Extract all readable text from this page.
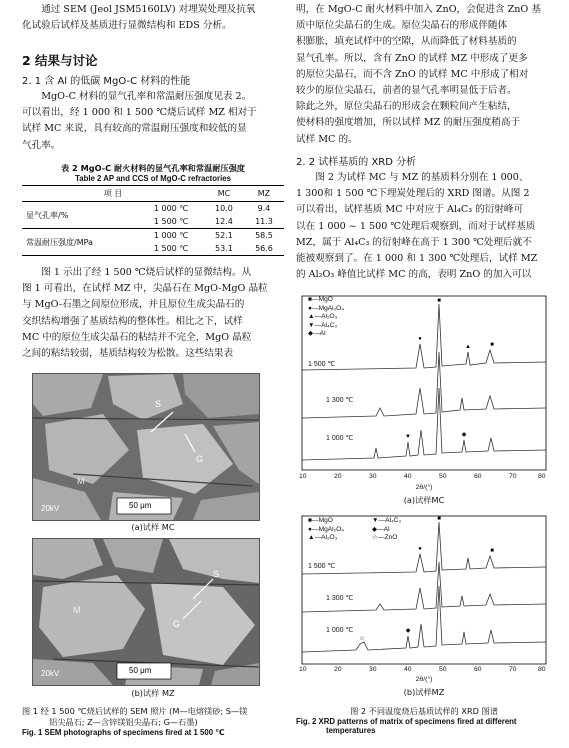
通过 SEM (Jeol JSM5160LV) 对埋炭处理及抗氧

化试验后试样及基质进行显微结构和 EDS 分析。

2 结果与讨论
2. 1 含 Al 的低碳 MgO-C 材料的性能

MgO-C 材料的显气孔率和常温耐压强度见表 2。

可以看出，经 1 000 和 1 500 ℃烧后试样 MZ 相对于

试样 MC 来说，具有较高的常温耐压强度和较低的显

气孔率。

表 2 MgO-C 耐火材料的显气孔率和常温耐压强度
Table 2 AP and CCS of MgO-C refractories
项 目		MC	MZ
显气孔率/%	1 000 ℃	10.0	9.4
	1 500 ℃	12.4	11.3
常温耐压强度/MPa	1 000 ℃	52.1	58.5
	1 500 ℃	53.1	56.6

图 1 示出了经 1 500 ℃烧后试样的显微结构。从

图 1 可看出，在试样 MZ 中，尖晶石在 MgO-MgO 晶粒

与 MgO-石墨之间原位形成，并且原位生成尖晶石的

交织结构增强了基质结构的整体性。相比之下，试样

MC 中的原位生成尖晶石的粘结并不完全，MgO 晶粒

之间的粘结较弱，基质结构较为松散。这些结果表

M
S
G
20kV	50 μm
(a)试样 MC
M
S
G
20kV	50 μm
(b)试样 MZ
图 1 经 1 500 ℃烧后试样的 SEM 照片 (M—电熔镁砂; S—镁
铝尖晶石; Z—含锌镁铝尖晶石; G—石墨)
Fig. 1 SEM photographs of specimens fired at 1 500 ℃

明，在 MgO-C 耐火材料中加入 ZnO，会促进含 ZnO 基

质中原位尖晶石的生成。原位尖晶石的形成伴随体

积膨胀，填充试样中的空隙，从而降低了材料基质的

显气孔率。所以，含有 ZnO 的试样 MZ 中形成了更多

的原位尖晶石，而不含 ZnO 的试样 MC 中形成了相对

较少的原位尖晶石，前者的显气孔率明显低于后者。

除此之外，原位尖晶石的形成会在颗粒间产生粘结，

使材料的强度增加，所以试样 MZ 的耐压强度稍高于

试样 MC 的。

2. 2 试样基质的 XRD 分析

图 2 为试样 MC 与 MZ 的基质料分别在 1 000、

1 300和 1 500 ℃下埋炭处理后的 XRD 图谱。从图 2

可以看出，试样基质 MC 中对应于 Al₄C₃ 的衍射峰可

以在 1 000 ~ 1 500 ℃处理后观察到，而对于试样基质

MZ，属于 Al₄C₃ 的衍射峰在高于 1 300 ℃处理后就不

能被观察到了。在 1 000 和 1 300 ℃处理后，试样 MZ

的 Al₂O₃ 峰值比试样 MC 的高，表明 ZnO 的加入可以

■
▲	■
●
▼	◆
■—MgO
●—MgAl₂O₄
▲—Al₂O₃
▼—Al₄C₃
◆—Al
1 500 ℃
1 300 ℃
1 000 ℃
10	20	30	40	50	60	70	80
2θ/(°)
(a)试样MC
■
●	■
☆
◆
■—MgO
●—MgAl₂O₄
▲—Al₂O₃
▼—Al₄C₃
◆—Al
☆—ZnO
1 500 ℃
1 300 ℃
1 000 ℃
10	20	30	40	50	60	70	80
2θ/(°)
(b)试样MZ
图 2 不同温度烧后基质试样的 XRD 图谱
Fig. 2 XRD patterns of matrix of specimens fired at different
temperatures
